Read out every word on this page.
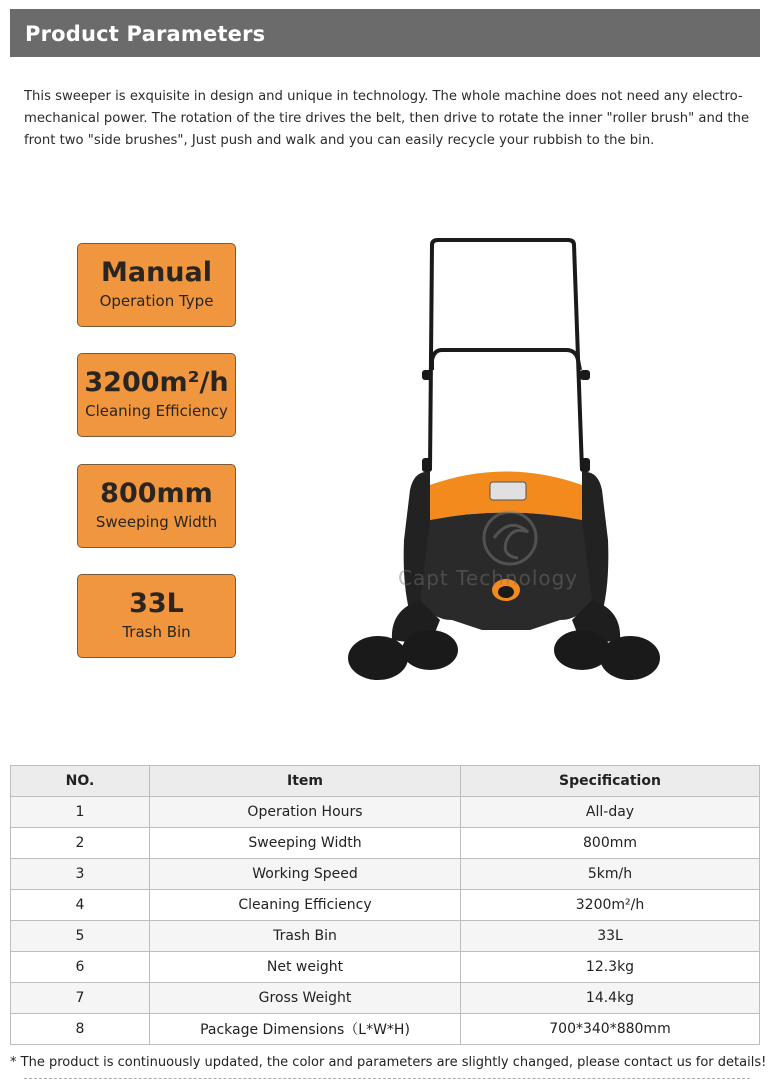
Product Parameters

This sweeper is exquisite in design and unique in technology. The whole machine does not need any electro-mechanical power. The rotation of the tire drives the belt, then drive to rotate the inner "roller brush" and the front two "side brushes", Just push and walk and you can easily recycle your rubbish to the bin.

Manual
Operation Type
3200m²/h
Cleaning Efficiency
800mm
Sweeping Width
33L
Trash Bin
Capt Technology
NO.	Item	Specification
1	Operation Hours	All-day
2	Sweeping Width	800mm
3	Working Speed	5km/h
4	Cleaning Efficiency	3200m²/h
5	Trash Bin	33L
6	Net weight	12.3kg
7	Gross Weight	14.4kg
8	Package Dimensions（L*W*H)	700*340*880mm

* The product is continuously updated, the color and parameters are slightly changed, please contact us for details!
